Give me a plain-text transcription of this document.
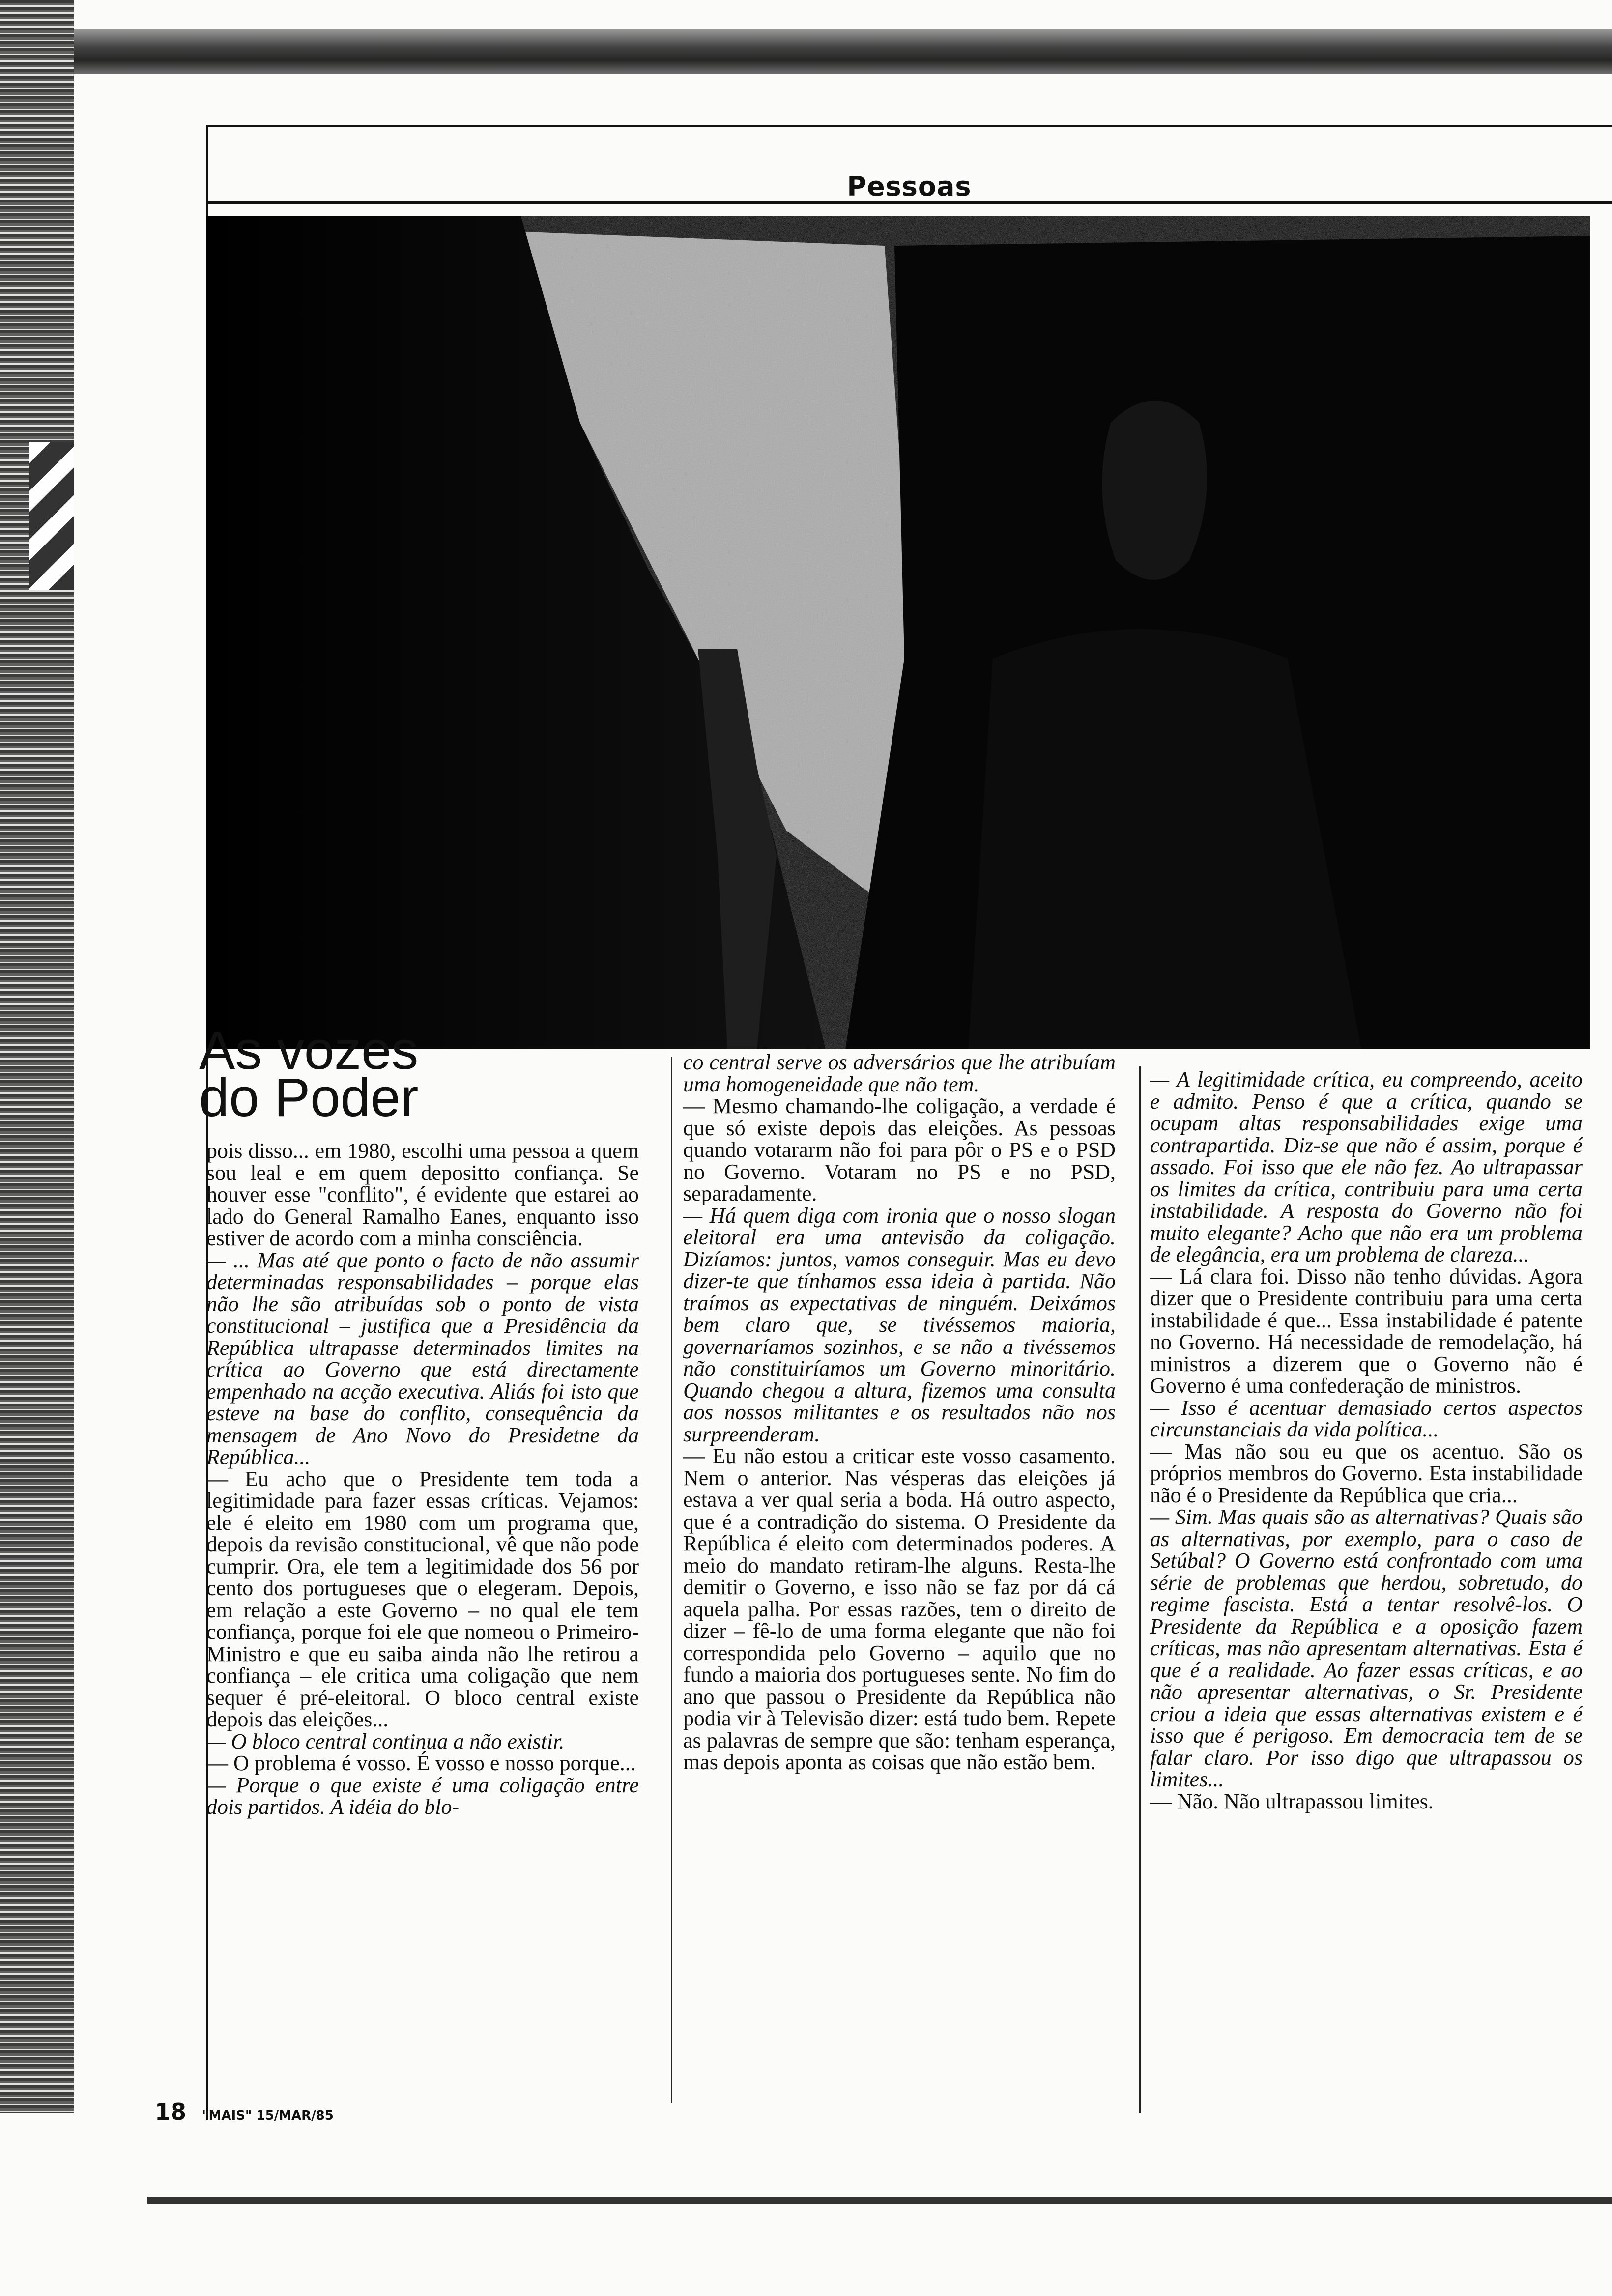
Pessoas
As vozes
do Poder

pois disso... em 1980, escolhi uma pessoa a quem sou leal e em quem depositto confiança. Se houver esse "conflito", é evidente que estarei ao lado do General Ramalho Eanes, enquanto isso estiver de acordo com a minha consciência.

— ... Mas até que ponto o facto de não assumir determinadas responsabilidades – porque elas não lhe são atribuídas sob o ponto de vista constitucional – justifica que a Presidência da República ultrapasse determinados limites na crítica ao Governo que está directamente empenhado na acção executiva. Aliás foi isto que esteve na base do conflito, consequência da mensagem de Ano Novo do Presidetne da República...

— Eu acho que o Presidente tem toda a legitimidade para fazer essas críticas. Vejamos: ele é eleito em 1980 com um programa que, depois da revisão constitucional, vê que não pode cumprir. Ora, ele tem a legitimidade dos 56 por cento dos portugueses que o elegeram. Depois, em relação a este Governo – no qual ele tem confiança, porque foi ele que nomeou o Primeiro-Ministro e que eu saiba ainda não lhe retirou a confiança – ele critica uma coligação que nem sequer é pré-eleitoral. O bloco central existe depois das eleições...

— O bloco central continua a não existir.

— O problema é vosso. É vosso e nosso porque...

— Porque o que existe é uma coligação entre dois partidos. A idéia do blo-

co central serve os adversários que lhe atribuíam uma homogeneidade que não tem.

— Mesmo chamando-lhe coligação, a verdade é que só existe depois das eleições. As pessoas quando votararm não foi para pôr o PS e o PSD no Governo. Votaram no PS e no PSD, separadamente.

— Há quem diga com ironia que o nosso slogan eleitoral era uma antevisão da coligação. Dizíamos: juntos, vamos conseguir. Mas eu devo dizer-te que tínhamos essa ideia à partida. Não traímos as expectativas de ninguém. Deixámos bem claro que, se tivéssemos maioria, governaríamos sozinhos, e se não a tivéssemos não constituiríamos um Governo minoritário. Quando chegou a altura, fizemos uma consulta aos nossos militantes e os resultados não nos surpreenderam.

— Eu não estou a criticar este vosso casamento. Nem o anterior. Nas vésperas das eleições já estava a ver qual seria a boda. Há outro aspecto, que é a contradição do sistema. O Presidente da República é eleito com determinados poderes. A meio do mandato retiram-lhe alguns. Resta-lhe demitir o Governo, e isso não se faz por dá cá aquela palha. Por essas razões, tem o direito de dizer – fê-lo de uma forma elegante que não foi correspondida pelo Governo – aquilo que no fundo a maioria dos portugueses sente. No fim do ano que passou o Presidente da República não podia vir à Televisão dizer: está tudo bem. Repete as palavras de sempre que são: tenham esperança, mas depois aponta as coisas que não estão bem.

— A legitimidade crítica, eu compreendo, aceito e admito. Penso é que a crítica, quando se ocupam altas responsabilidades exige uma contrapartida. Diz-se que não é assim, porque é assado. Foi isso que ele não fez. Ao ultrapassar os limites da crítica, contribuiu para uma certa instabilidade. A resposta do Governo não foi muito elegante? Acho que não era um problema de elegância, era um problema de clareza...

— Lá clara foi. Disso não tenho dúvidas. Agora dizer que o Presidente contribuiu para uma certa instabilidade é que... Essa instabilidade é patente no Governo. Há necessidade de remodelação, há ministros a dizerem que o Governo não é Governo é uma confederação de ministros.

— Isso é acentuar demasiado certos aspectos circunstanciais da vida política...

— Mas não sou eu que os acentuo. São os próprios membros do Governo. Esta instabilidade não é o Presidente da República que cria...

— Sim. Mas quais são as alternativas? Quais são as alternativas, por exemplo, para o caso de Setúbal? O Governo está confrontado com uma série de problemas que herdou, sobretudo, do regime fascista. Está a tentar resolvê-los. O Presidente da República e a oposição fazem críticas, mas não apresentam alternativas. Esta é que é a realidade. Ao fazer essas críticas, e ao não apresentar alternativas, o Sr. Presidente criou a ideia que essas alternativas existem e é isso que é perigoso. Em democracia tem de se falar claro. Por isso digo que ultrapassou os limites...

— Não. Não ultrapassou limites.

18 "MAIS" 15/MAR/85
